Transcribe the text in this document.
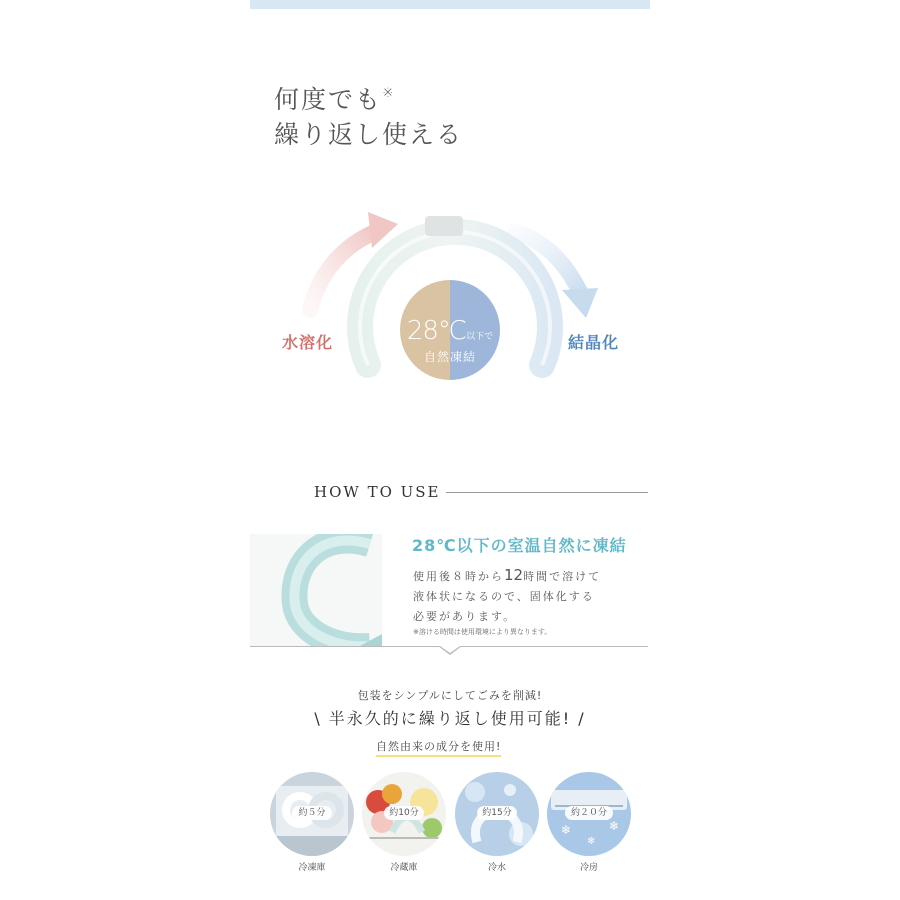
何度でも※
繰り返し使える
水溶化	結晶化
28℃以下で
自然凍結
HOW TO USE
28℃以下の室温自然に凍結
使用後８時から12時間で溶けて
液体状になるので、固体化する
必要があります。
※溶ける時間は使用環境により異なります。
包装をシンプルにしてごみを削減!
\ 半永久的に繰り返し使用可能! /
自然由来の成分を使用!
約５分	約10分	約15分
❄
❄
❄
約２０分
冷凍庫	冷蔵庫	冷水	冷房
